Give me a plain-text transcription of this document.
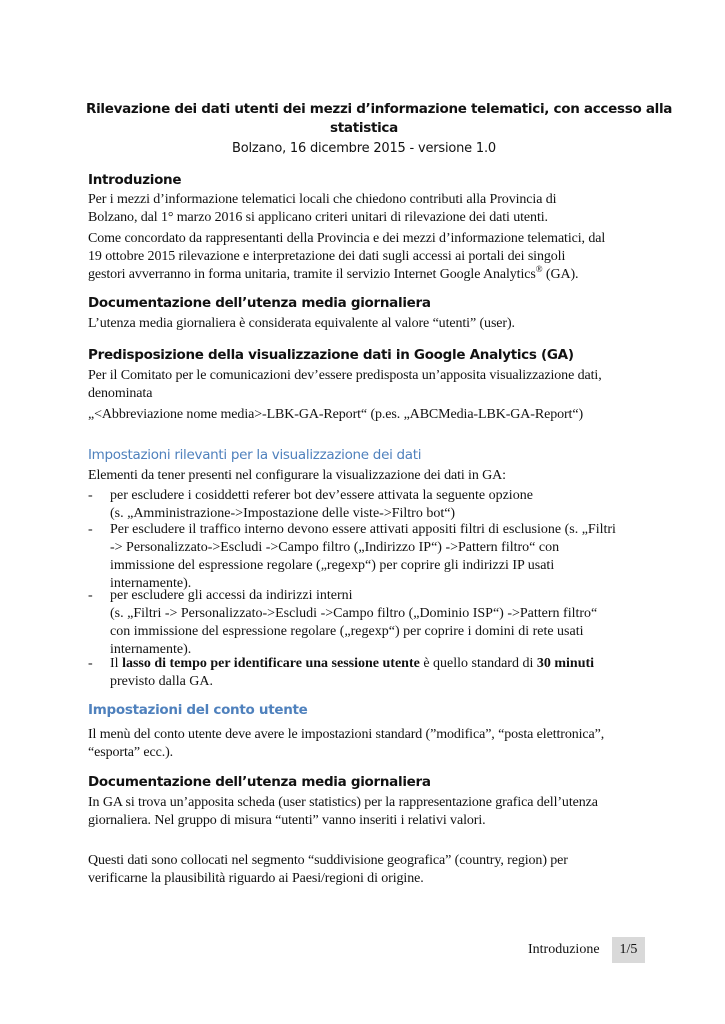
Rilevazione dei dati utenti dei mezzi d’informazione telematici, con accesso alla
statistica
Bolzano, 16 dicembre 2015 - versione 1.0
Introduzione
Per i mezzi d’informazione telematici locali che chiedono contributi alla Provincia di
Bolzano, dal 1° marzo 2016 si applicano criteri unitari di rilevazione dei dati utenti.
Come concordato da rappresentanti della Provincia e dei mezzi d’informazione telematici, dal
19 ottobre 2015 rilevazione e interpretazione dei dati sugli accessi ai portali dei singoli
gestori avverranno in forma unitaria, tramite il servizio Internet Google Analytics® (GA).
Documentazione dell’utenza media giornaliera
L’utenza media giornaliera è considerata equivalente al valore “utenti” (user).
Predisposizione della visualizzazione dati in Google Analytics (GA)
Per il Comitato per le comunicazioni dev’essere predisposta un’apposita visualizzazione dati,
denominata
„<Abbreviazione nome media>-LBK-GA-Report“ (p.es. „ABCMedia-LBK-GA-Report“)
Impostazioni rilevanti per la visualizzazione dei dati
Elementi da tener presenti nel configurare la visualizzazione dei dati in GA:
- per escludere i cosiddetti referer bot dev’essere attivata la seguente opzione
(s. „Amministrazione->Impostazione delle viste->Filtro bot“)
- Per escludere il traffico interno devono essere attivati appositi filtri di esclusione (s. „Filtri
-> Personalizzato->Escludi ->Campo filtro („Indirizzo IP“) ->Pattern filtro“ con
immissione del espressione regolare („regexp“) per coprire gli indirizzi IP usati
internamente).
- per escludere gli accessi da indirizzi interni
(s. „Filtri -> Personalizzato->Escludi ->Campo filtro („Dominio ISP“) ->Pattern filtro“
con immissione del espressione regolare („regexp“) per coprire i domini di rete usati
internamente).
- Il lasso di tempo per identificare una sessione utente è quello standard di 30 minuti
previsto dalla GA.
Impostazioni del conto utente
Il menù del conto utente deve avere le impostazioni standard (”modifica”, “posta elettronica”,
“esporta” ecc.).
Documentazione dell’utenza media giornaliera
In GA si trova un’apposita scheda (user statistics) per la rappresentazione grafica dell’utenza
giornaliera. Nel gruppo di misura “utenti” vanno inseriti i relativi valori.
Questi dati sono collocati nel segmento “suddivisione geografica” (country, region) per
verificarne la plausibilità riguardo ai Paesi/regioni di origine.
Introduzione	1/5
